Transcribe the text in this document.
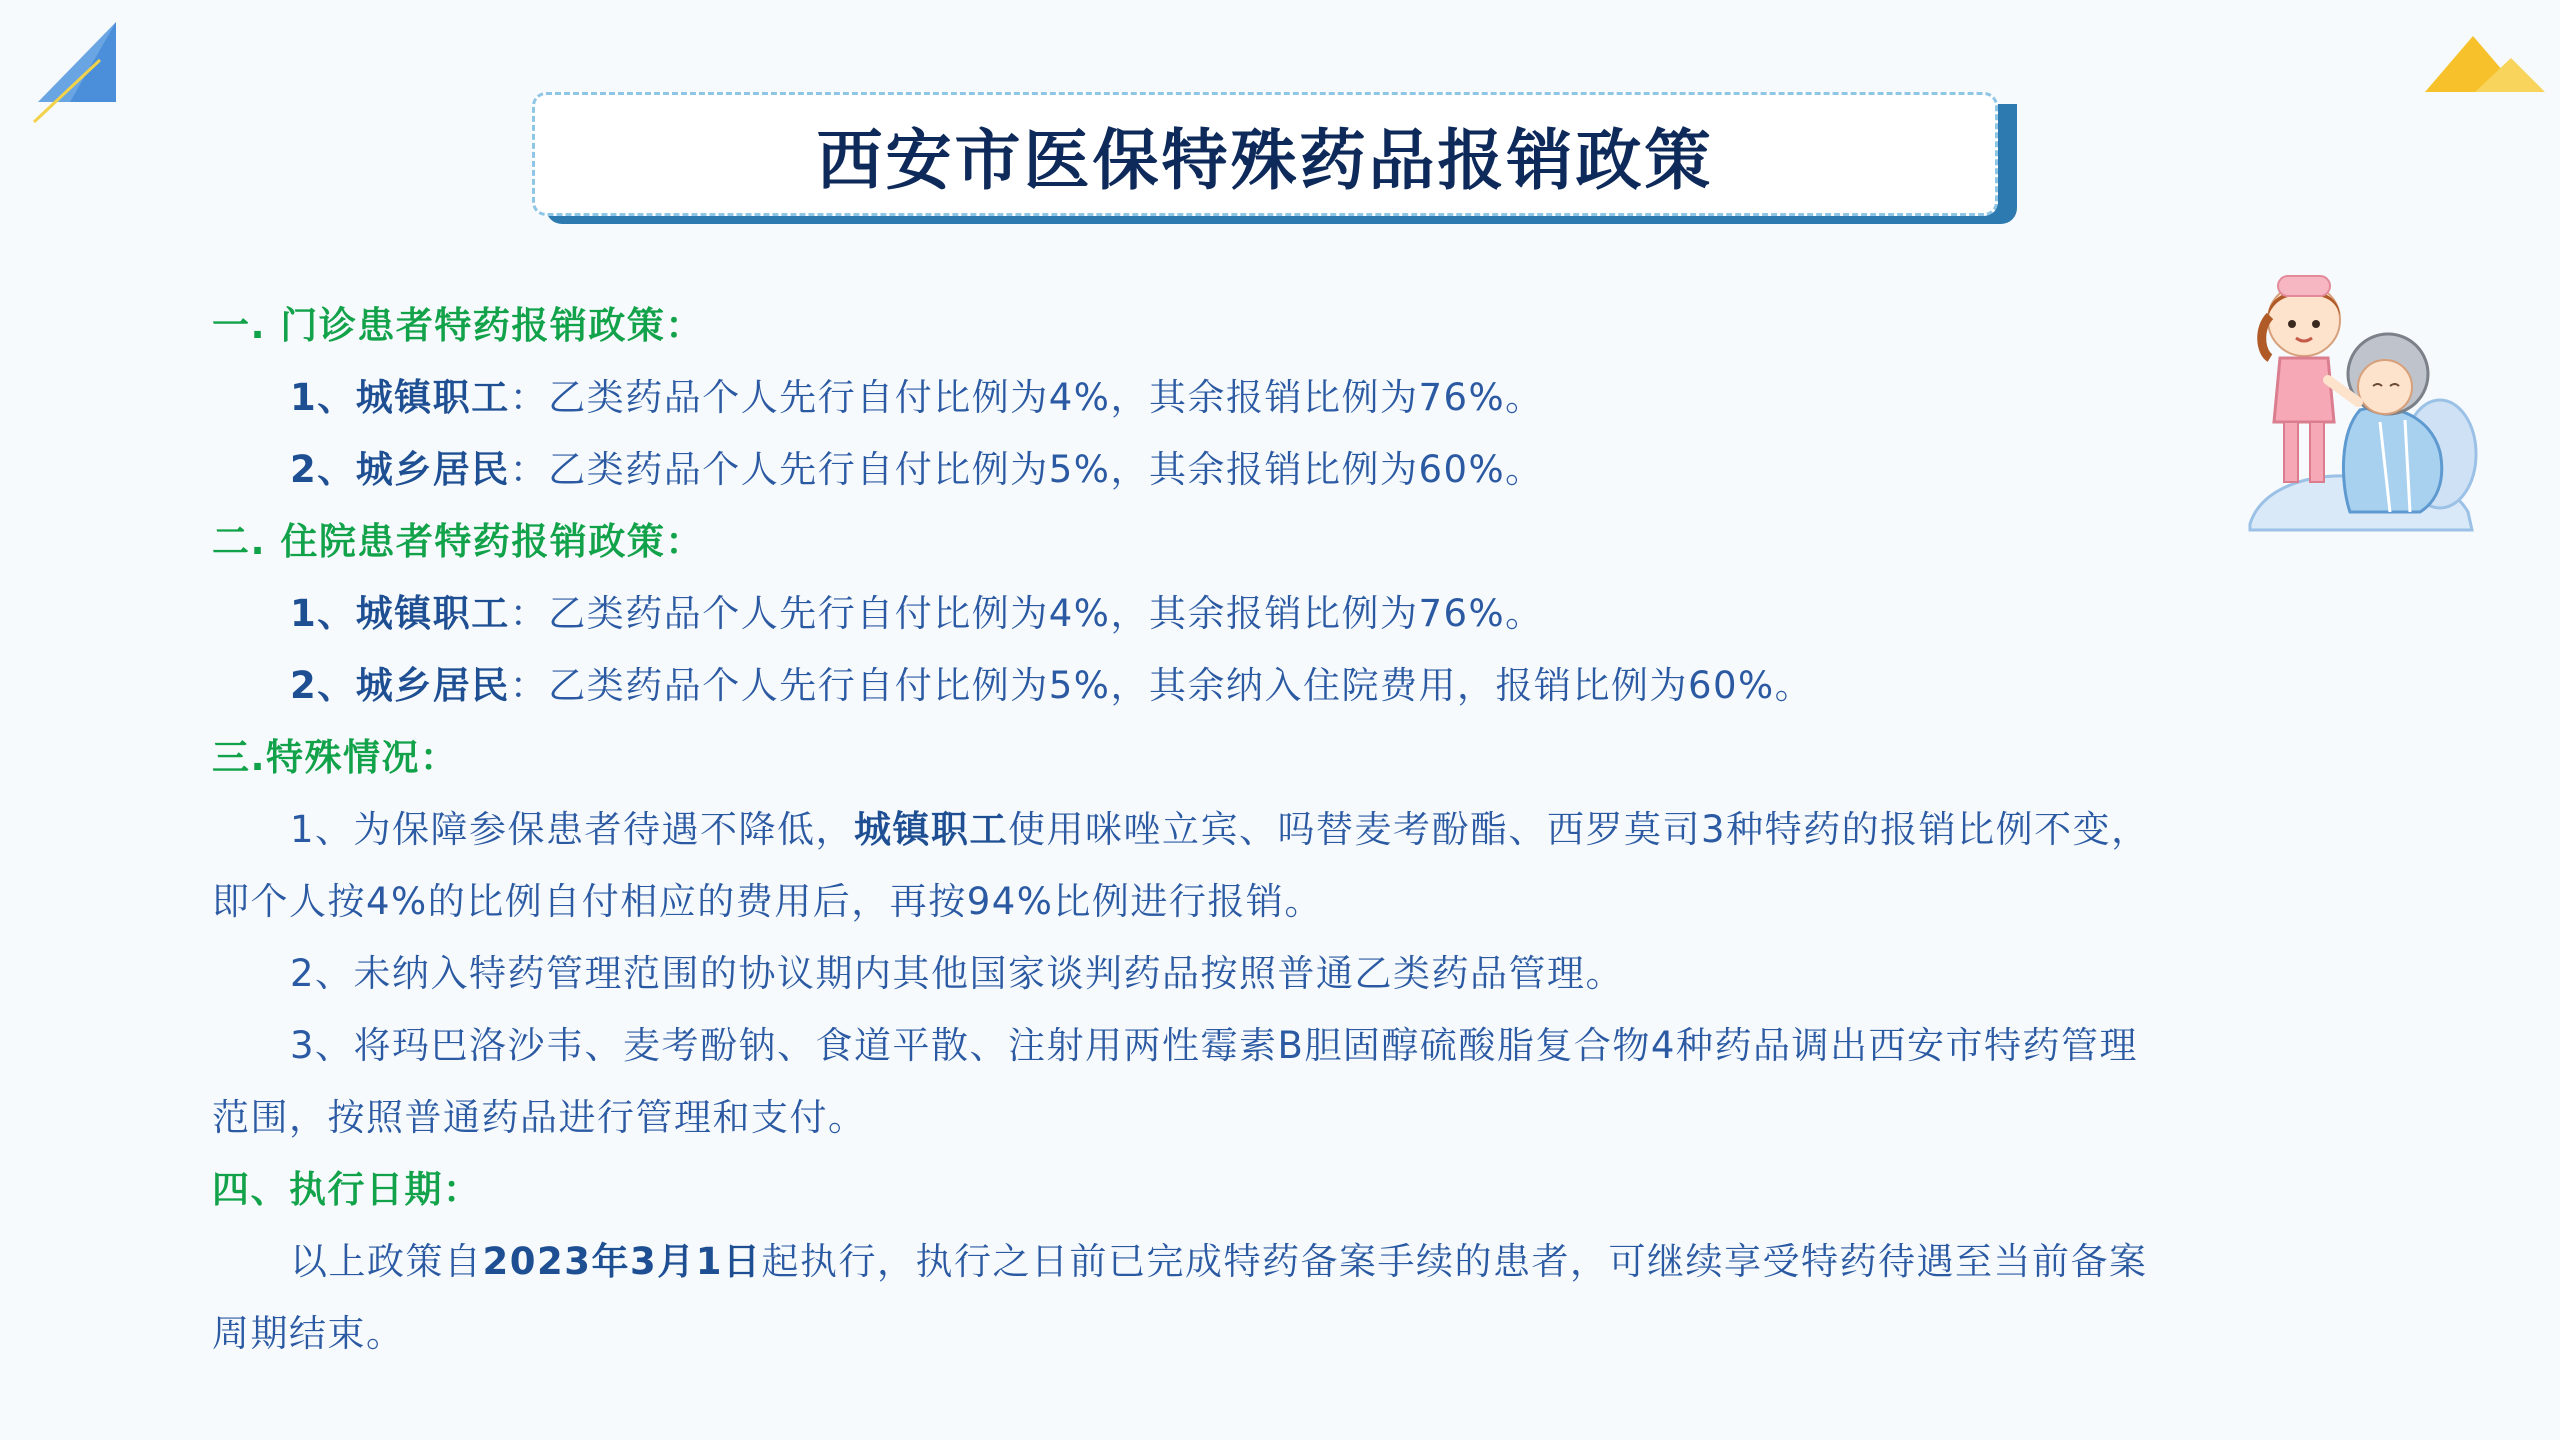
西安市医保特殊药品报销政策
一. 门诊患者特药报销政策：
1、城镇职工：乙类药品个人先行自付比例为4%，其余报销比例为76%。
2、城乡居民：乙类药品个人先行自付比例为5%，其余报销比例为60%。
二. 住院患者特药报销政策：
1、城镇职工：乙类药品个人先行自付比例为4%，其余报销比例为76%。
2、城乡居民：乙类药品个人先行自付比例为5%，其余纳入住院费用，报销比例为60%。
三.特殊情况：
1、为保障参保患者待遇不降低，城镇职工使用咪唑立宾、吗替麦考酚酯、西罗莫司3种特药的报销比例不变，
即个人按4%的比例自付相应的费用后，再按94%比例进行报销。
2、未纳入特药管理范围的协议期内其他国家谈判药品按照普通乙类药品管理。
3、将玛巴洛沙韦、麦考酚钠、食道平散、注射用两性霉素B胆固醇硫酸脂复合物4种药品调出西安市特药管理
范围，按照普通药品进行管理和支付。
四、执行日期：
以上政策自2023年3月1日起执行，执行之日前已完成特药备案手续的患者，可继续享受特药待遇至当前备案
周期结束。
